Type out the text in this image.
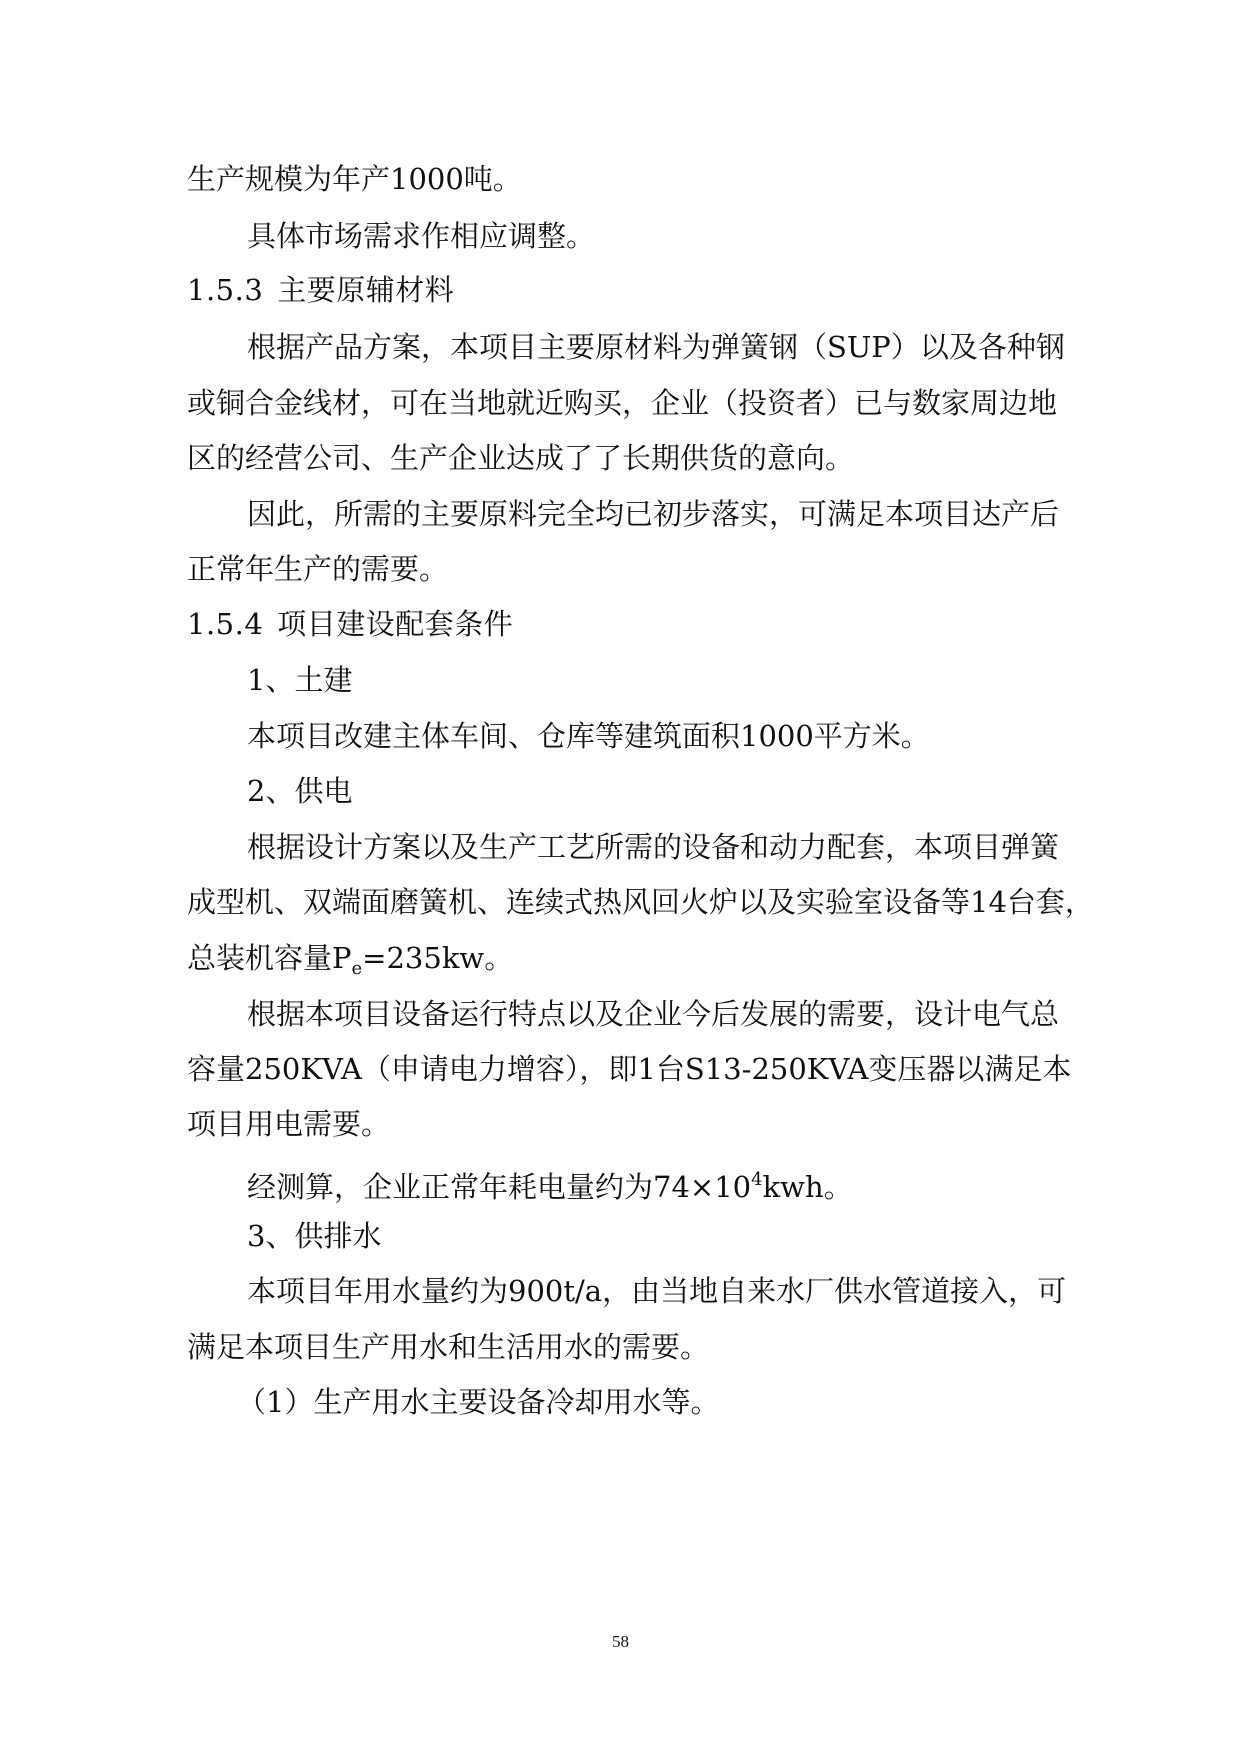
生产规模为年产1000吨。
具体市场需求作相应调整。
1.5.3 主要原辅材料
根据产品方案，本项目主要原材料为弹簧钢（SUP）以及各种钢
或铜合金线材，可在当地就近购买，企业（投资者）已与数家周边地
区的经营公司、生产企业达成了了长期供货的意向。
因此，所需的主要原料完全均已初步落实，可满足本项目达产后
正常年生产的需要。
1.5.4 项目建设配套条件
1、土建
本项目改建主体车间、仓库等建筑面积1000平方米。
2、供电
根据设计方案以及生产工艺所需的设备和动力配套，本项目弹簧
成型机、双端面磨簧机、连续式热风回火炉以及实验室设备等14台套，
总装机容量$P_e=235kw$。
根据本项目设备运行特点以及企业今后发展的需要，设计电气总
容量250KVA（申请电力增容），即1台S13-250KVA变压器以满足本
项目用电需要。
经测算，企业正常年耗电量约为$74\times 10^4kwh$。
3、供排水
本项目年用水量约为900t/a，由当地自来水厂供水管道接入，可
满足本项目生产用水和生活用水的需要。
（1）生产用水主要设备冷却用水等。
58
